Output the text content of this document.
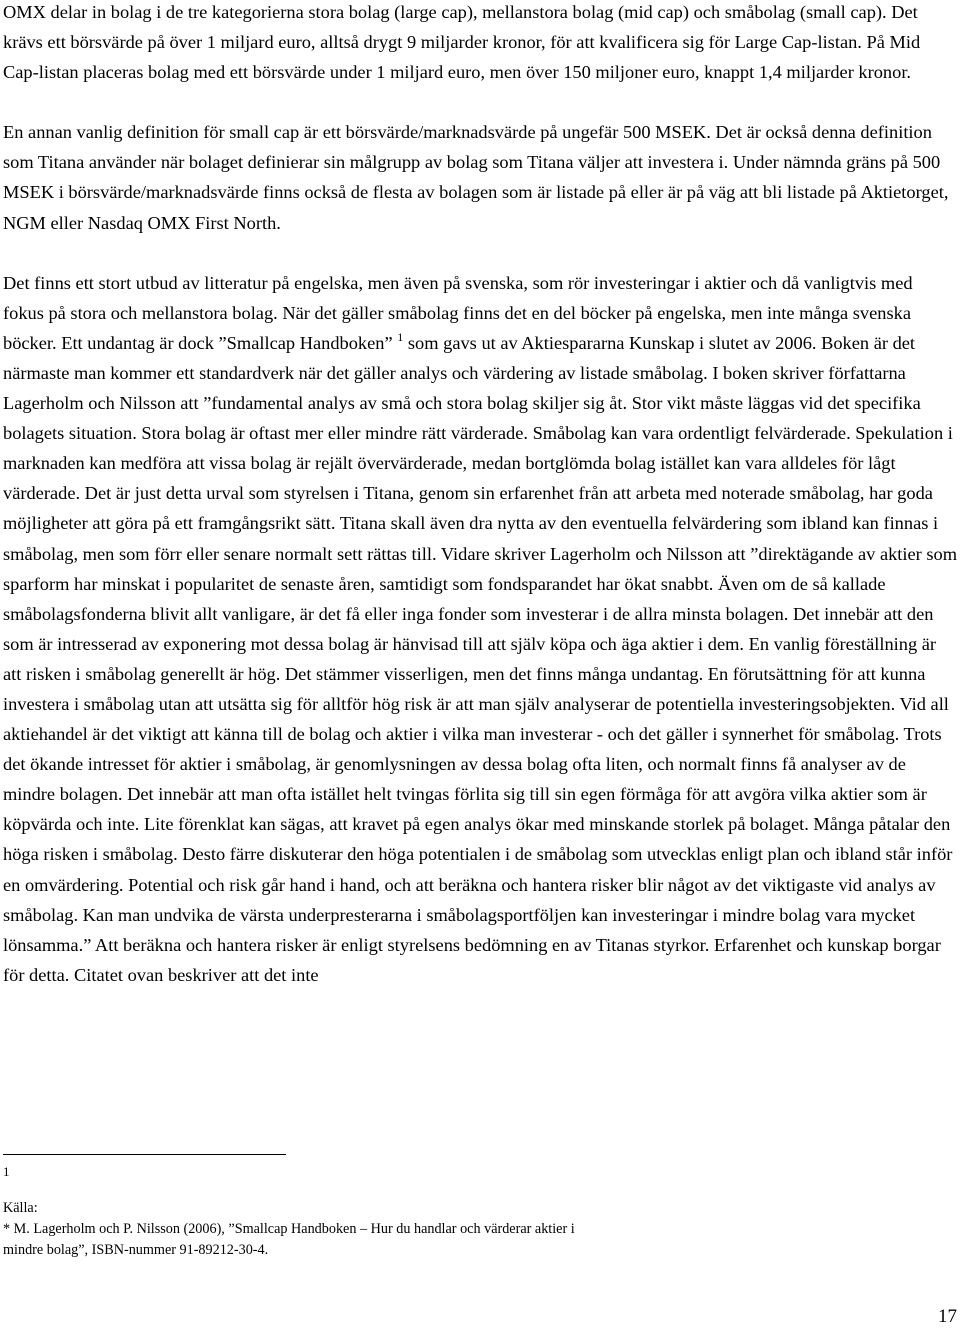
OMX delar in bolag i de tre kategorierna stora bolag (large cap), mellanstora bolag (mid cap) och småbolag (small cap). Det krävs ett börsvärde på över 1 miljard euro, alltså drygt 9 miljarder kronor, för att kvalificera sig för Large Cap-listan. På Mid Cap-listan placeras bolag med ett börsvärde under 1 miljard euro, men över 150 miljoner euro, knappt 1,4 miljarder kronor.

En annan vanlig definition för small cap är ett börsvärde/marknadsvärde på ungefär 500 MSEK. Det är också denna definition som Titana använder när bolaget definierar sin målgrupp av bolag som Titana väljer att investera i. Under nämnda gräns på 500 MSEK i börsvärde/marknadsvärde finns också de flesta av bolagen som är listade på eller är på väg att bli listade på Aktietorget, NGM eller Nasdaq OMX First North.

Det finns ett stort utbud av litteratur på engelska, men även på svenska, som rör investeringar i aktier och då vanligtvis med fokus på stora och mellanstora bolag. När det gäller småbolag finns det en del böcker på engelska, men inte många svenska böcker. Ett undantag är dock ”Smallcap Handboken” $^1$ som gavs ut av Aktiespararna Kunskap i slutet av 2006. Boken är det närmaste man kommer ett standardverk när det gäller analys och värdering av listade småbolag. I boken skriver författarna Lagerholm och Nilsson att ”fundamental analys av små och stora bolag skiljer sig åt. Stor vikt måste läggas vid det specifika bolagets situation. Stora bolag är oftast mer eller mindre rätt värderade. Småbolag kan vara ordentligt felvärderade. Spekulation i marknaden kan medföra att vissa bolag är rejält övervärderade, medan bortglömda bolag istället kan vara alldeles för lågt värderade. Det är just detta urval som styrelsen i Titana, genom sin erfarenhet från att arbeta med noterade småbolag, har goda möjligheter att göra på ett framgångsrikt sätt. Titana skall även dra nytta av den eventuella felvärdering som ibland kan finnas i småbolag, men som förr eller senare normalt sett rättas till. Vidare skriver Lagerholm och Nilsson att ”direktägande av aktier som sparform har minskat i popularitet de senaste åren, samtidigt som fondsparandet har ökat snabbt. Även om de så kallade småbolagsfonderna blivit allt vanligare, är det få eller inga fonder som investerar i de allra minsta bolagen. Det innebär att den som är intresserad av exponering mot dessa bolag är hänvisad till att själv köpa och äga aktier i dem. En vanlig föreställning är att risken i småbolag generellt är hög. Det stämmer visserligen, men det finns många undantag. En förutsättning för att kunna investera i småbolag utan att utsätta sig för alltför hög risk är att man själv analyserar de potentiella investeringsobjekten. Vid all aktiehandel är det viktigt att känna till de bolag och aktier i vilka man investerar - och det gäller i synnerhet för småbolag. Trots det ökande intresset för aktier i småbolag, är genomlysningen av dessa bolag ofta liten, och normalt finns få analyser av de mindre bolagen. Det innebär att man ofta istället helt tvingas förlita sig till sin egen förmåga för att avgöra vilka aktier som är köpvärda och inte. Lite förenklat kan sägas, att kravet på egen analys ökar med minskande storlek på bolaget. Många påtalar den höga risken i småbolag. Desto färre diskuterar den höga potentialen i de småbolag som utvecklas enligt plan och ibland står inför en omvärdering. Potential och risk går hand i hand, och att beräkna och hantera risker blir något av det viktigaste vid analys av småbolag. Kan man undvika de värsta underpresterarna i småbolagsportföljen kan investeringar i mindre bolag vara mycket lönsamma.” Att beräkna och hantera risker är enligt styrelsens bedömning en av Titanas styrkor. Erfarenhet och kunskap borgar för detta. Citatet ovan beskriver att det inte

1
Källa:
* M. Lagerholm och P. Nilsson (2006), ”Smallcap Handboken – Hur du handlar och värderar aktier i
mindre bolag”, ISBN-nummer 91-89212-30-4.
17
